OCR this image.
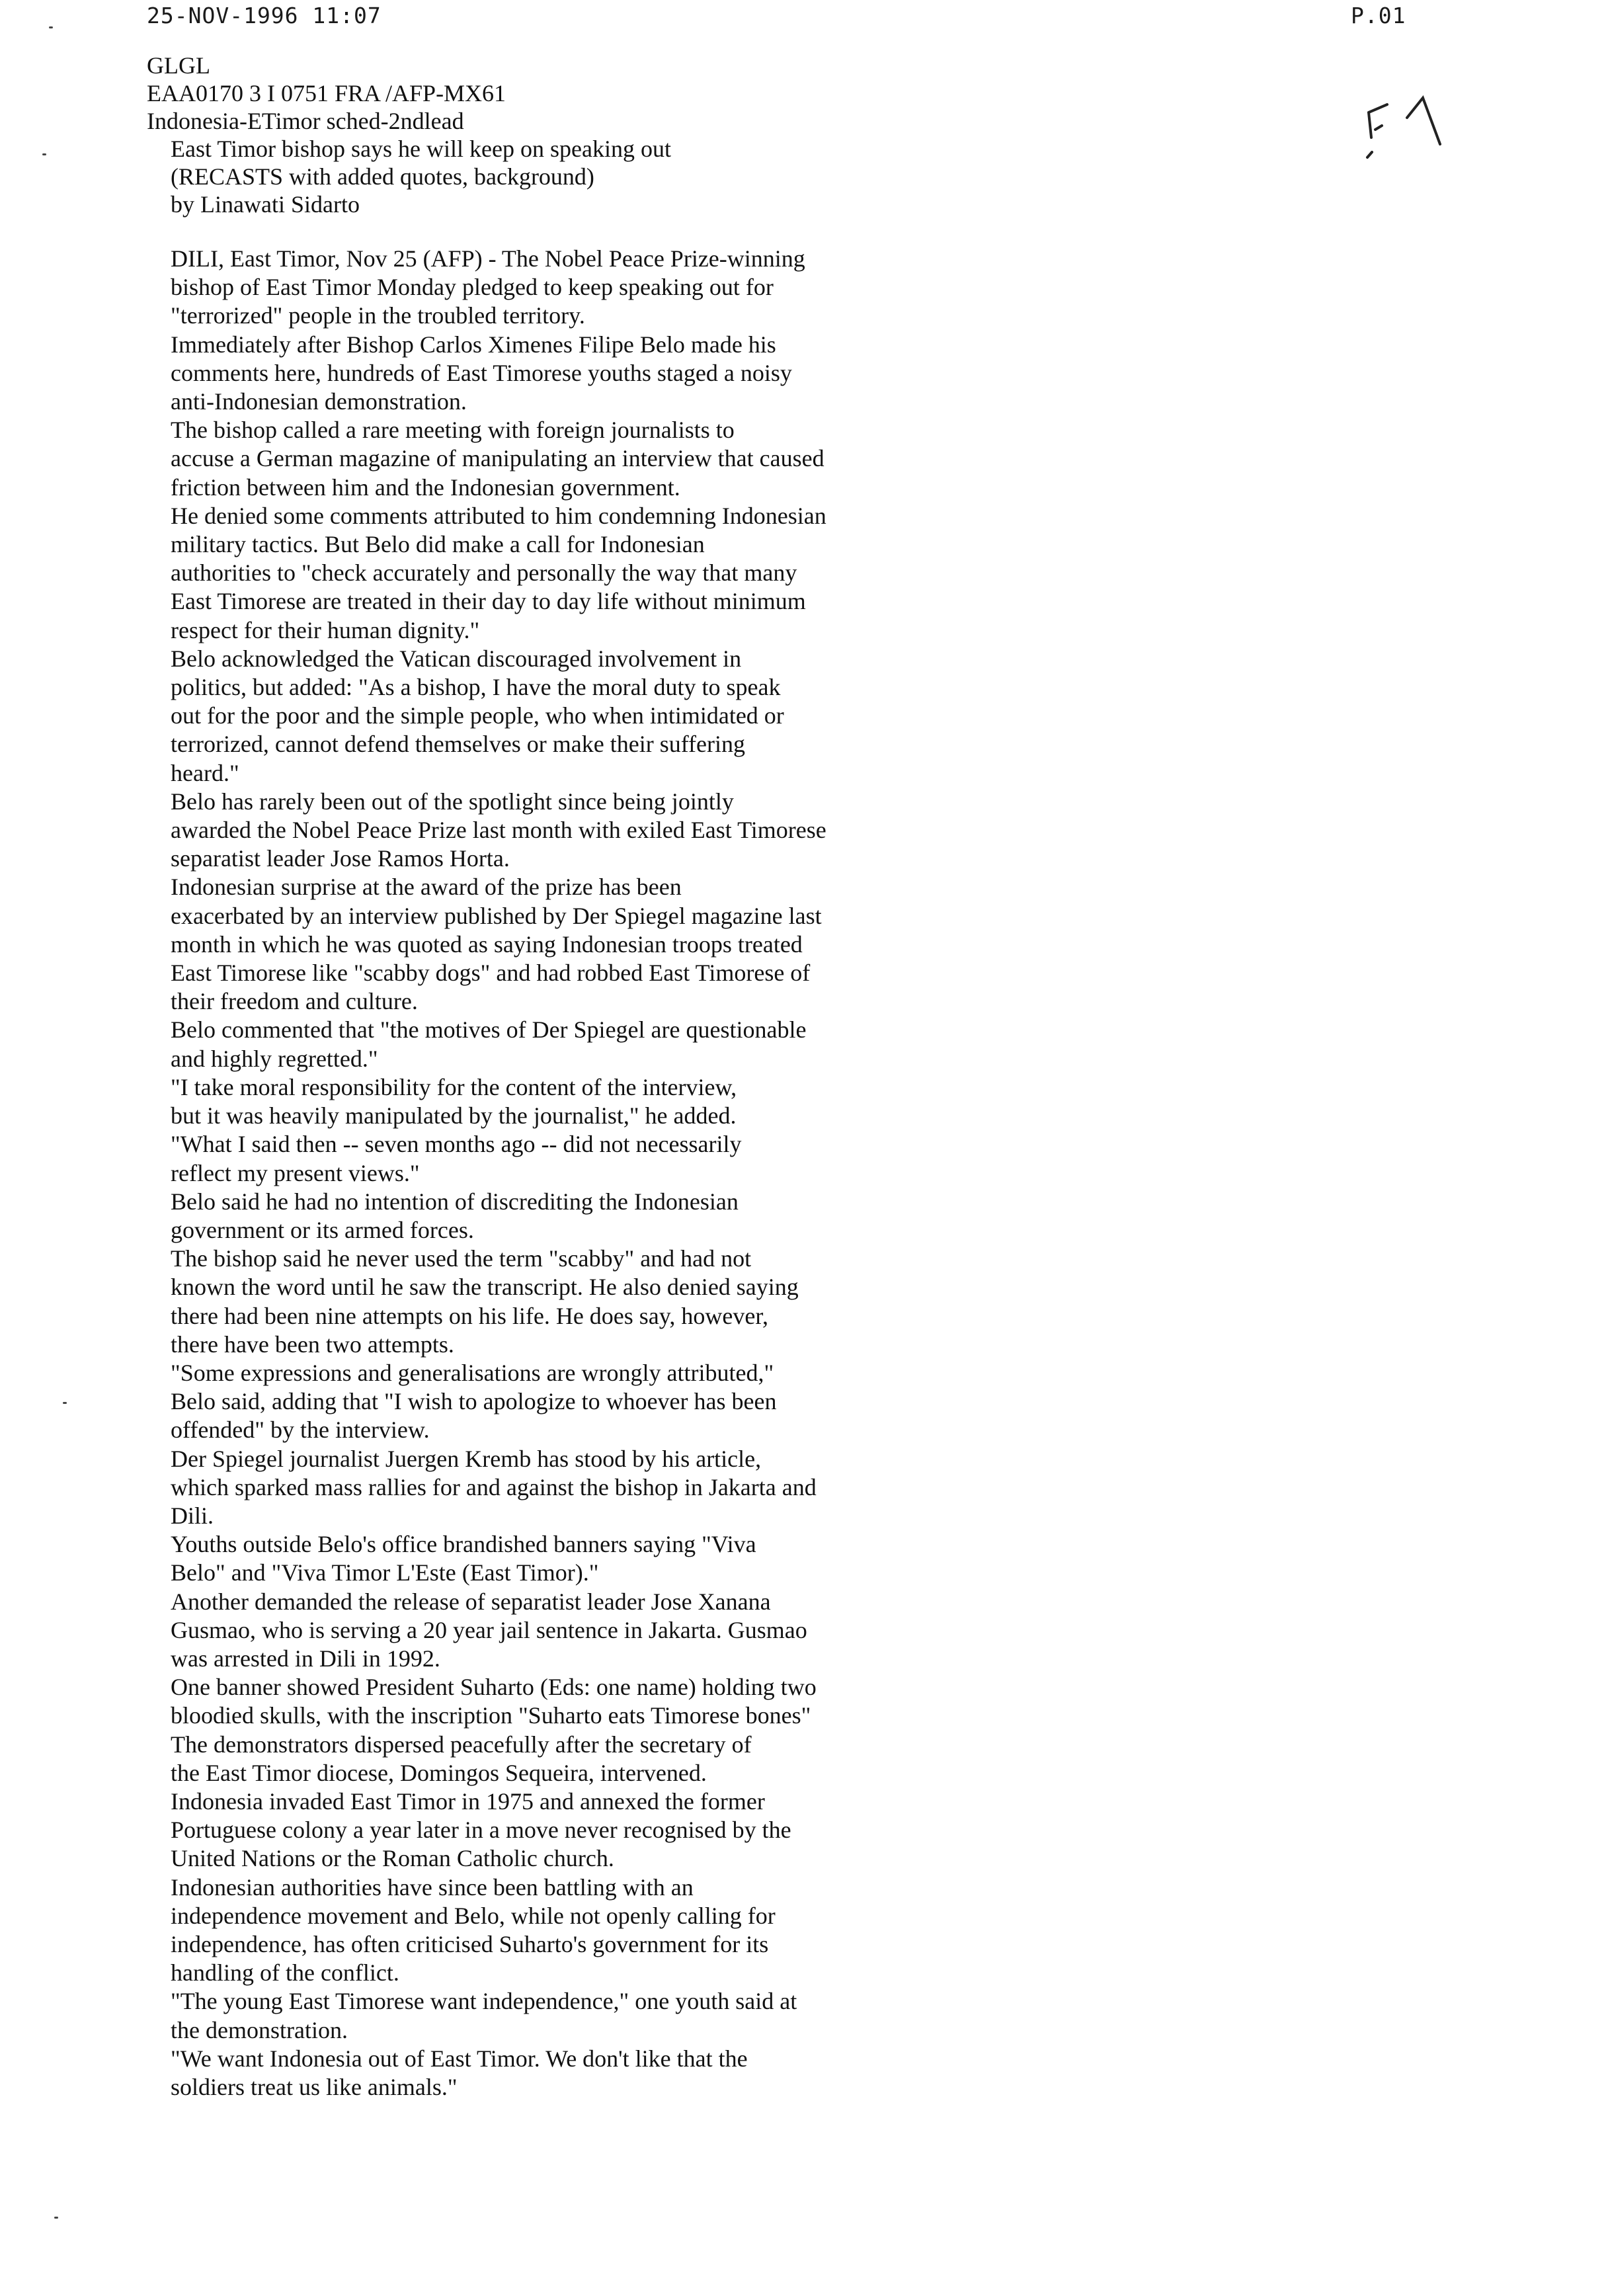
25-NOV-1996 11:07	P.01
GLGL
EAA0170 3 I 0751 FRA /AFP-MX61
Indonesia-ETimor sched-2ndlead
East Timor bishop says he will keep on speaking out
(RECASTS with added quotes, background)
by Linawati Sidarto

DILI, East Timor, Nov 25 (AFP) - The Nobel Peace Prize-winning
bishop of East Timor Monday pledged to keep speaking out for
"terrorized" people in the troubled territory.

Immediately after Bishop Carlos Ximenes Filipe Belo made his
comments here, hundreds of East Timorese youths staged a noisy
anti-Indonesian demonstration.

The bishop called a rare meeting with foreign journalists to
accuse a German magazine of manipulating an interview that caused
friction between him and the Indonesian government.

He denied some comments attributed to him condemning Indonesian
military tactics. But Belo did make a call for Indonesian
authorities to "check accurately and personally the way that many
East Timorese are treated in their day to day life without minimum
respect for their human dignity."

Belo acknowledged the Vatican discouraged involvement in
politics, but added: "As a bishop, I have the moral duty to speak
out for the poor and the simple people, who when intimidated or
terrorized, cannot defend themselves or make their suffering
heard."

Belo has rarely been out of the spotlight since being jointly
awarded the Nobel Peace Prize last month with exiled East Timorese
separatist leader Jose Ramos Horta.

Indonesian surprise at the award of the prize has been
exacerbated by an interview published by Der Spiegel magazine last
month in which he was quoted as saying Indonesian troops treated
East Timorese like "scabby dogs" and had robbed East Timorese of
their freedom and culture.

Belo commented that "the motives of Der Spiegel are questionable
and highly regretted."

"I take moral responsibility for the content of the interview,
but it was heavily manipulated by the journalist," he added.

"What I said then -- seven months ago -- did not necessarily
reflect my present views."

Belo said he had no intention of discrediting the Indonesian
government or its armed forces.

The bishop said he never used the term "scabby" and had not
known the word until he saw the transcript. He also denied saying
there had been nine attempts on his life. He does say, however,
there have been two attempts.

"Some expressions and generalisations are wrongly attributed,"
Belo said, adding that "I wish to apologize to whoever has been
offended" by the interview.

Der Spiegel journalist Juergen Kremb has stood by his article,
which sparked mass rallies for and against the bishop in Jakarta and
Dili.

Youths outside Belo's office brandished banners saying "Viva
Belo" and "Viva Timor L'Este (East Timor)."

Another demanded the release of separatist leader Jose Xanana
Gusmao, who is serving a 20 year jail sentence in Jakarta. Gusmao
was arrested in Dili in 1992.

One banner showed President Suharto (Eds: one name) holding two
bloodied skulls, with the inscription "Suharto eats Timorese bones"

The demonstrators dispersed peacefully after the secretary of
the East Timor diocese, Domingos Sequeira, intervened.

Indonesia invaded East Timor in 1975 and annexed the former
Portuguese colony a year later in a move never recognised by the
United Nations or the Roman Catholic church.

Indonesian authorities have since been battling with an
independence movement and Belo, while not openly calling for
independence, has often criticised Suharto's government for its
handling of the conflict.

"The young East Timorese want independence," one youth said at
the demonstration.

"We want Indonesia out of East Timor. We don't like that the
soldiers treat us like animals."
